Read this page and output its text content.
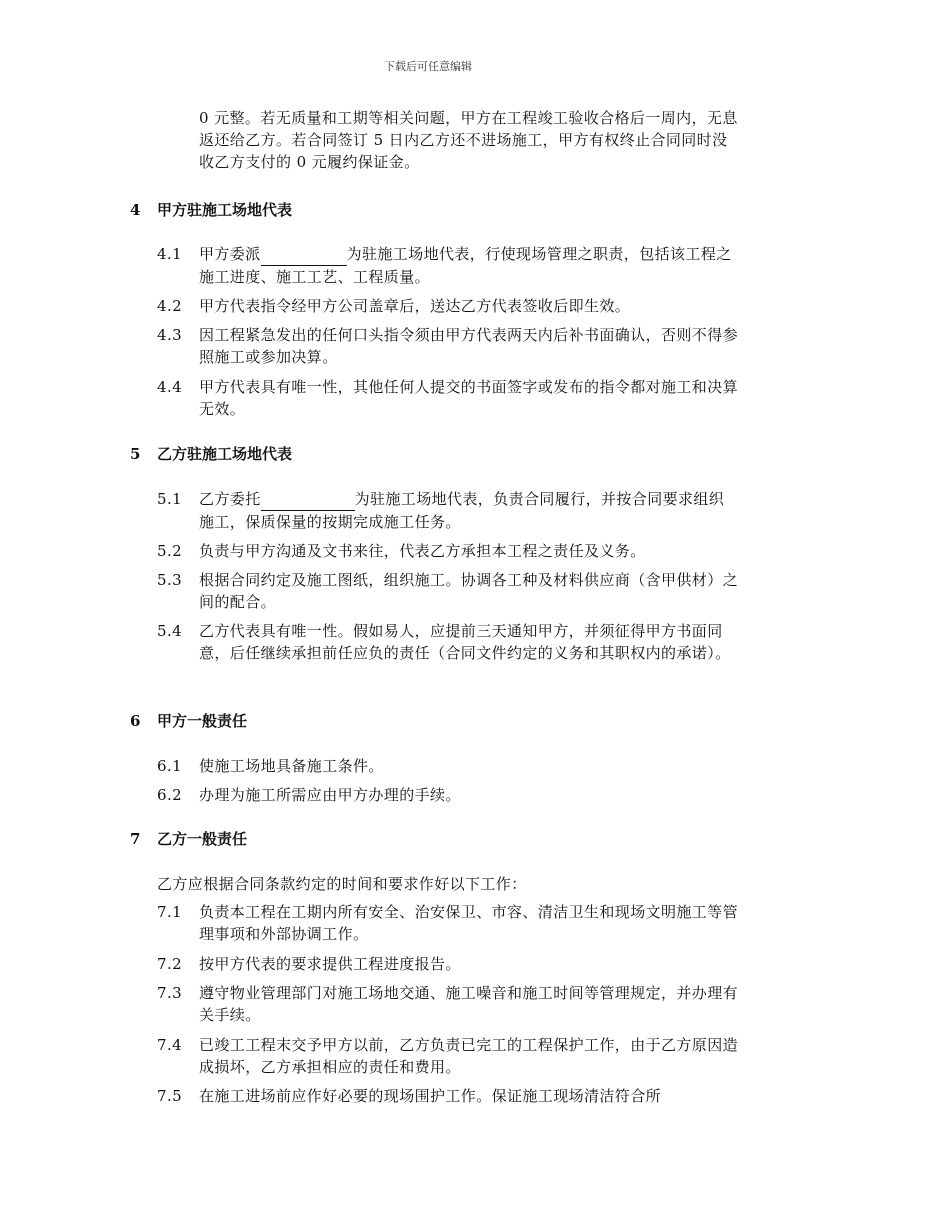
下载后可任意编辑
0 元整。若无质量和工期等相关问题，甲方在工程竣工验收合格后一周内，无息返还给乙方。若合同签订 5 日内乙方还不进场施工，甲方有权终止合同同时没收乙方支付的 0 元履约保证金。
4 甲方驻施工场地代表
4.1	甲方委派	为驻施工场地代表，行使现场管理之职责，包括该工程之施工进度、施工工艺、工程质量。
4.2	甲方代表指令经甲方公司盖章后，送达乙方代表签收后即生效。
4.3	因工程紧急发出的任何口头指令须由甲方代表两天内后补书面确认，否则不得参照施工或参加决算。
4.4	甲方代表具有唯一性，其他任何人提交的书面签字或发布的指令都对施工和决算无效。
5 乙方驻施工场地代表
5.1	乙方委托	为驻施工场地代表，负责合同履行，并按合同要求组织施工，保质保量的按期完成施工任务。
5.2	负责与甲方沟通及文书来往，代表乙方承担本工程之责任及义务。
5.3	根据合同约定及施工图纸，组织施工。协调各工种及材料供应商（含甲供材）之间的配合。
5.4	乙方代表具有唯一性。假如易人，应提前三天通知甲方，并须征得甲方书面同意，后任继续承担前任应负的责任（合同文件约定的义务和其职权内的承诺）。
6 甲方一般责任
6.1	使施工场地具备施工条件。
6.2	办理为施工所需应由甲方办理的手续。
7 乙方一般责任
乙方应根据合同条款约定的时间和要求作好以下工作：
7.1	负责本工程在工期内所有安全、治安保卫、市容、清洁卫生和现场文明施工等管理事项和外部协调工作。
7.2	按甲方代表的要求提供工程进度报告。
7.3	遵守物业管理部门对施工场地交通、施工噪音和施工时间等管理规定，并办理有关手续。
7.4	已竣工工程末交予甲方以前，乙方负责已完工的工程保护工作，由于乙方原因造成损坏，乙方承担相应的责任和费用。
7.5	在施工进场前应作好必要的现场围护工作。保证施工现场清洁符合所
